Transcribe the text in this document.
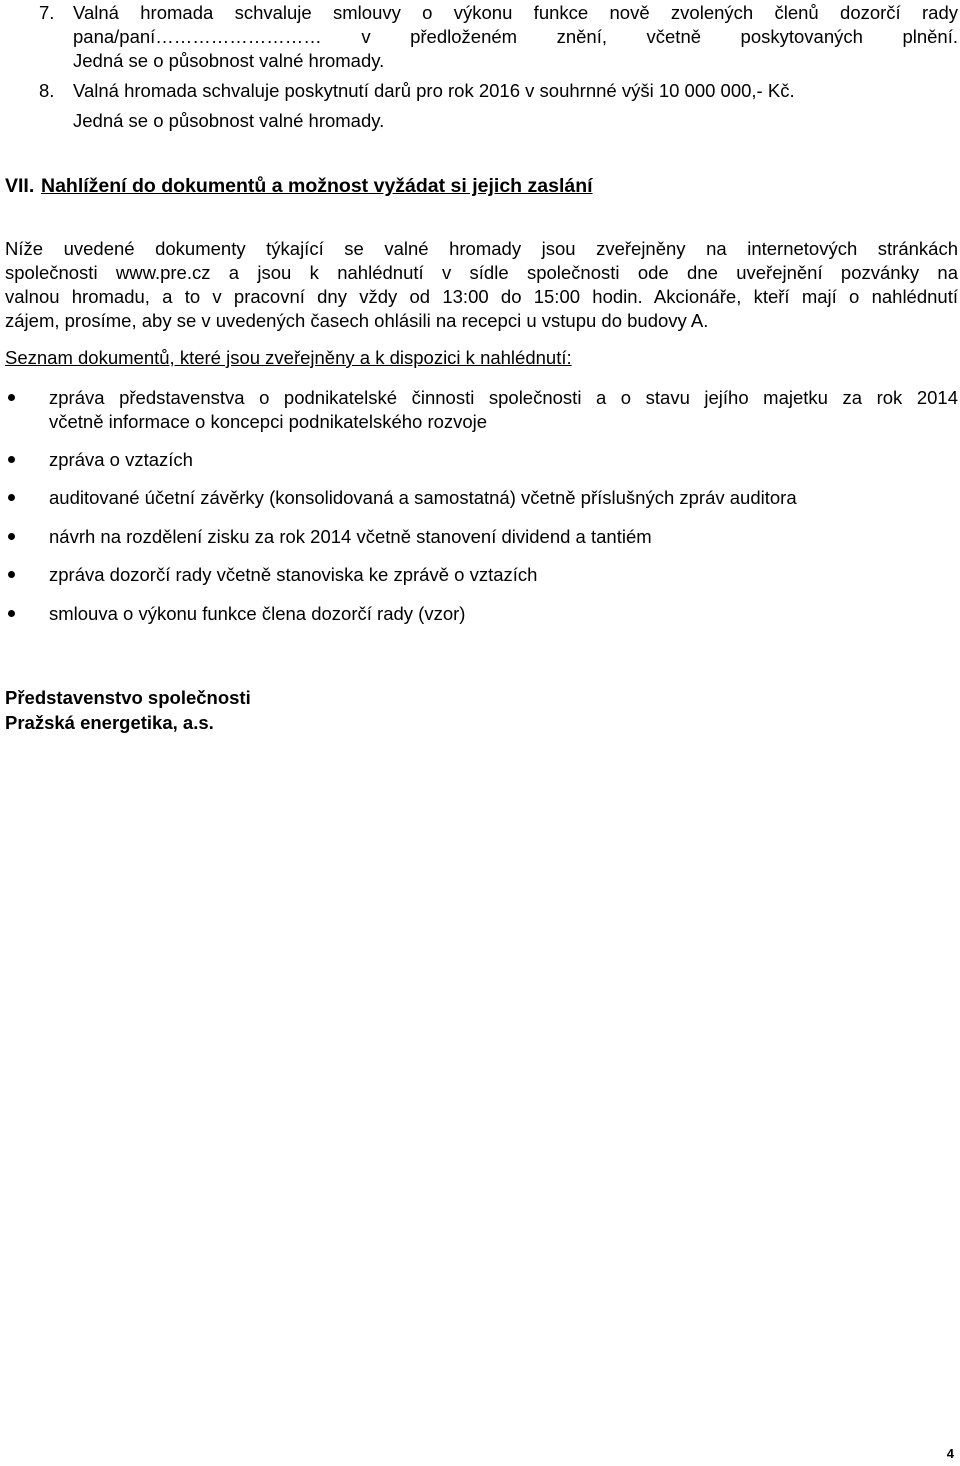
7. Valná hromada schvaluje smlouvy o výkonu funkce nově zvolených členů dozorčí rady
pana/paní……………………… v předloženém znění, včetně poskytovaných plnění.
Jedná se o působnost valné hromady.
8. Valná hromada schvaluje poskytnutí darů pro rok 2016 v souhrnné výši 10 000 000,- Kč.
Jedná se o působnost valné hromady.
VII. Nahlížení do dokumentů a možnost vyžádat si jejich zaslání
Níže uvedené dokumenty týkající se valné hromady jsou zveřejněny na internetových stránkách
společnosti www.pre.cz a jsou k nahlédnutí v sídle společnosti ode dne uveřejnění pozvánky na
valnou hromadu, a to v pracovní dny vždy od 13:00 do 15:00 hodin. Akcionáře, kteří mají o nahlédnutí
zájem, prosíme, aby se v uvedených časech ohlásili na recepci u vstupu do budovy A.
Seznam dokumentů, které jsou zveřejněny a k dispozici k nahlédnutí:
zpráva představenstva o podnikatelské činnosti společnosti a o stavu jejího majetku za rok 2014
včetně informace o koncepci podnikatelského rozvoje
zpráva o vztazích
auditované účetní závěrky (konsolidovaná a samostatná) včetně příslušných zpráv auditora
návrh na rozdělení zisku za rok 2014 včetně stanovení dividend a tantiém
zpráva dozorčí rady včetně stanoviska ke zprávě o vztazích
smlouva o výkonu funkce člena dozorčí rady (vzor)
Představenstvo společnosti
Pražská energetika, a.s.
4
